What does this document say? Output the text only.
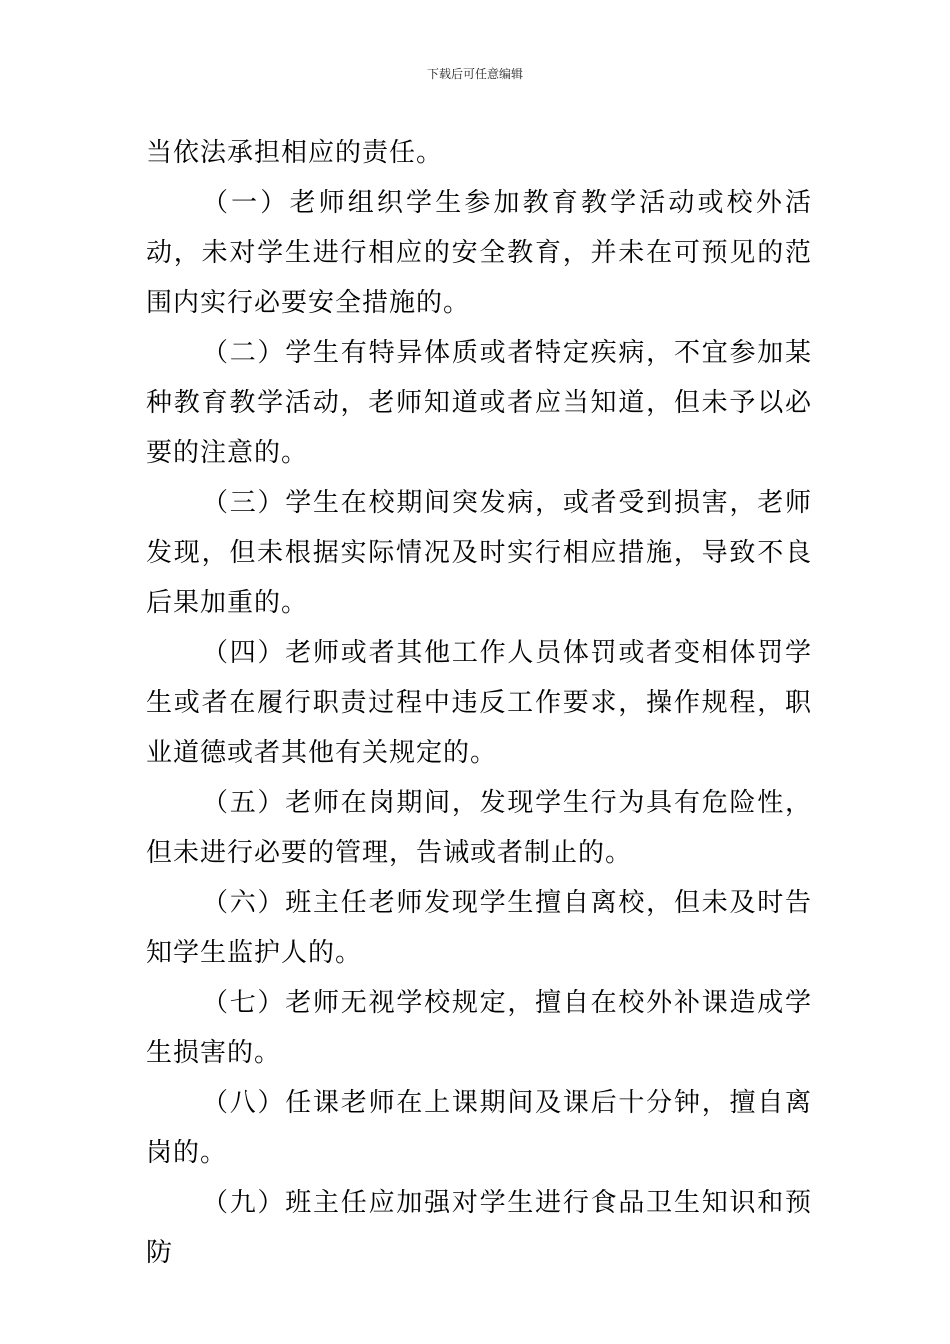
下载后可任意编辑

当依法承担相应的责任。

（一）老师组织学生参加教育教学活动或校外活动，未对学生进行相应的安全教育，并未在可预见的范围内实行必要安全措施的。

（二）学生有特异体质或者特定疾病，不宜参加某种教育教学活动，老师知道或者应当知道，但未予以必要的注意的。

（三）学生在校期间突发病，或者受到损害，老师发现，但未根据实际情况及时实行相应措施，导致不良后果加重的。

（四）老师或者其他工作人员体罚或者变相体罚学生或者在履行职责过程中违反工作要求，操作规程，职业道德或者其他有关规定的。

（五）老师在岗期间，发现学生行为具有危险性，但未进行必要的管理，告诫或者制止的。

（六）班主任老师发现学生擅自离校，但未及时告知学生监护人的。

（七）老师无视学校规定，擅自在校外补课造成学生损害的。

（八）任课老师在上课期间及课后十分钟，擅自离岗的。

（九）班主任应加强对学生进行食品卫生知识和预防
